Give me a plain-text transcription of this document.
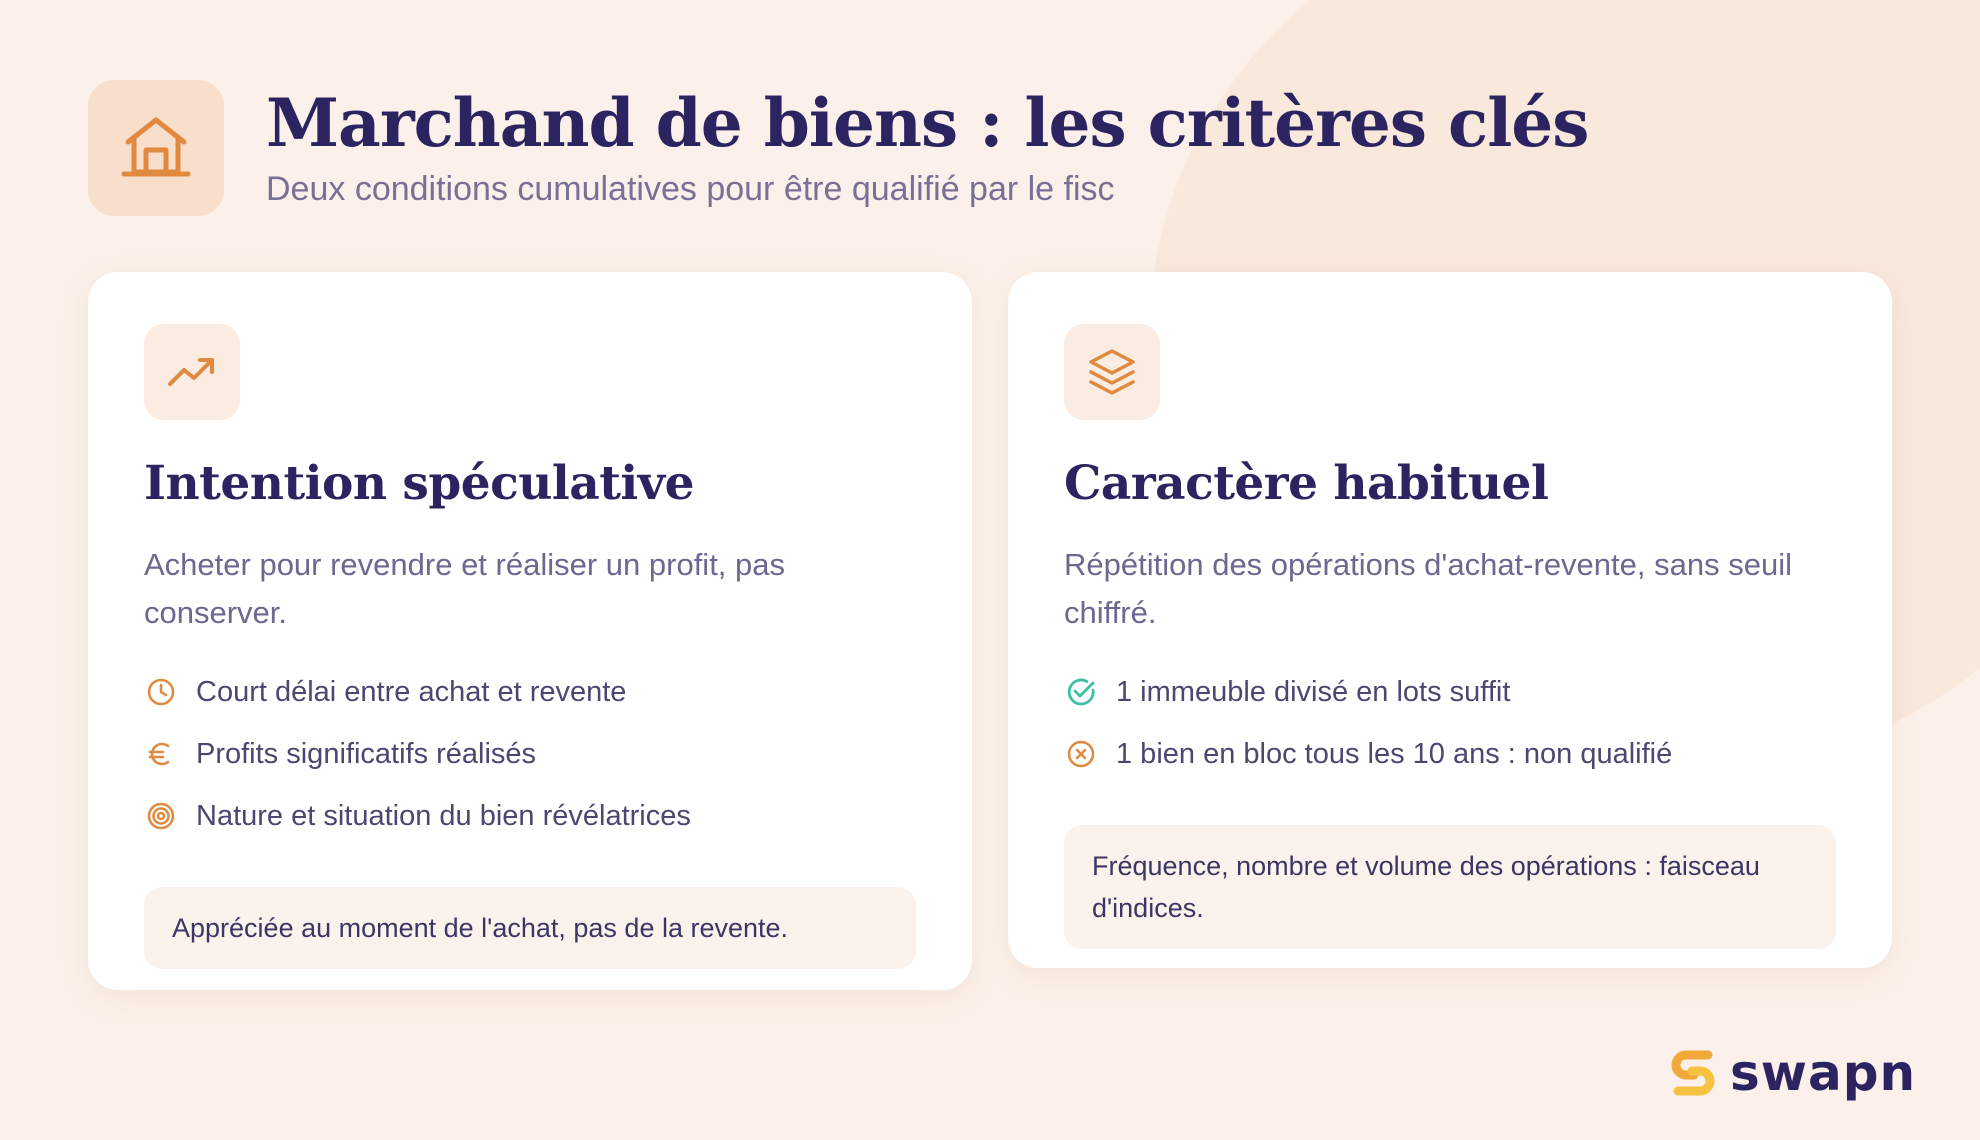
Marchand de biens : les critères clés
Deux conditions cumulatives pour être qualifié par le fisc
Intention spéculative
Acheter pour revendre et réaliser un profit, pas conserver.
Court délai entre achat et revente
Profits significatifs réalisés
Nature et situation du bien révélatrices
Appréciée au moment de l'achat, pas de la revente.
Caractère habituel
Répétition des opérations d'achat-revente, sans seuil chiffré.
1 immeuble divisé en lots suffit
1 bien en bloc tous les 10 ans : non qualifié
Fréquence, nombre et volume des opérations : faisceau d'indices.
swapn
